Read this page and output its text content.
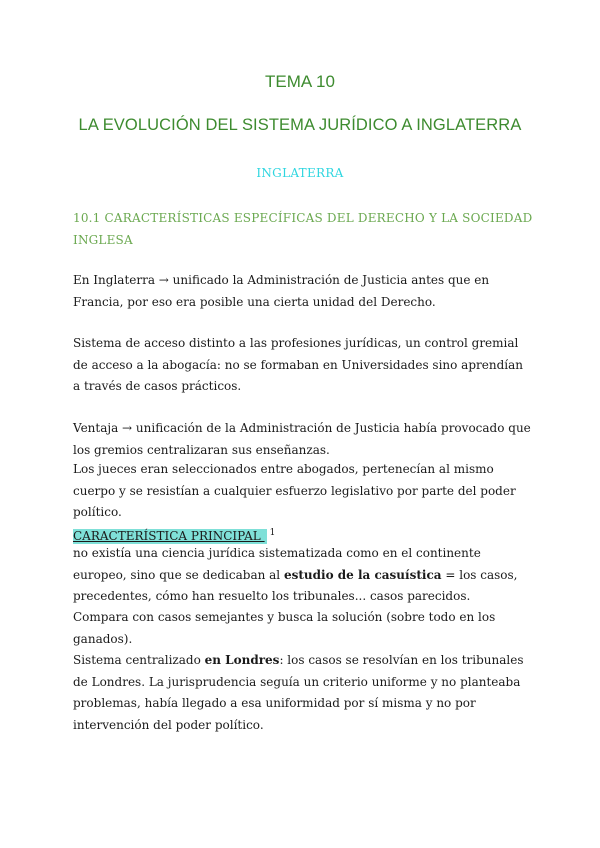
TEMA 10
LA EVOLUCIÓN DEL SISTEMA JURÍDICO A INGLATERRA
INGLATERRA
10.1 CARACTERÍSTICAS ESPECÍFICAS DEL DERECHO Y LA SOCIEDAD INGLESA
En Inglaterra → unificado la Administración de Justicia antes que en Francia, por eso era posible una cierta unidad del Derecho.
Sistema de acceso distinto a las profesiones jurídicas, un control gremial de acceso a la abogacía: no se formaban en Universidades sino aprendían a través de casos prácticos.
Ventaja → unificación de la Administración de Justicia había provocado que los gremios centralizaran sus enseñanzas.
Los jueces eran seleccionados entre abogados, pertenecían al mismo cuerpo y se resistían a cualquier esfuerzo legislativo por parte del poder político.
CARACTERÍSTICA PRINCIPAL $^1$
no existía una ciencia jurídica sistematizada como en el continente europeo, sino que se dedicaban al estudio de la casuística = los casos, precedentes, cómo han resuelto los tribunales... casos parecidos.
Compara con casos semejantes y busca la solución (sobre todo en los ganados).
Sistema centralizado en Londres: los casos se resolvían en los tribunales de Londres. La jurisprudencia seguía un criterio uniforme y no planteaba problemas, había llegado a esa uniformidad por sí misma y no por intervención del poder político.
